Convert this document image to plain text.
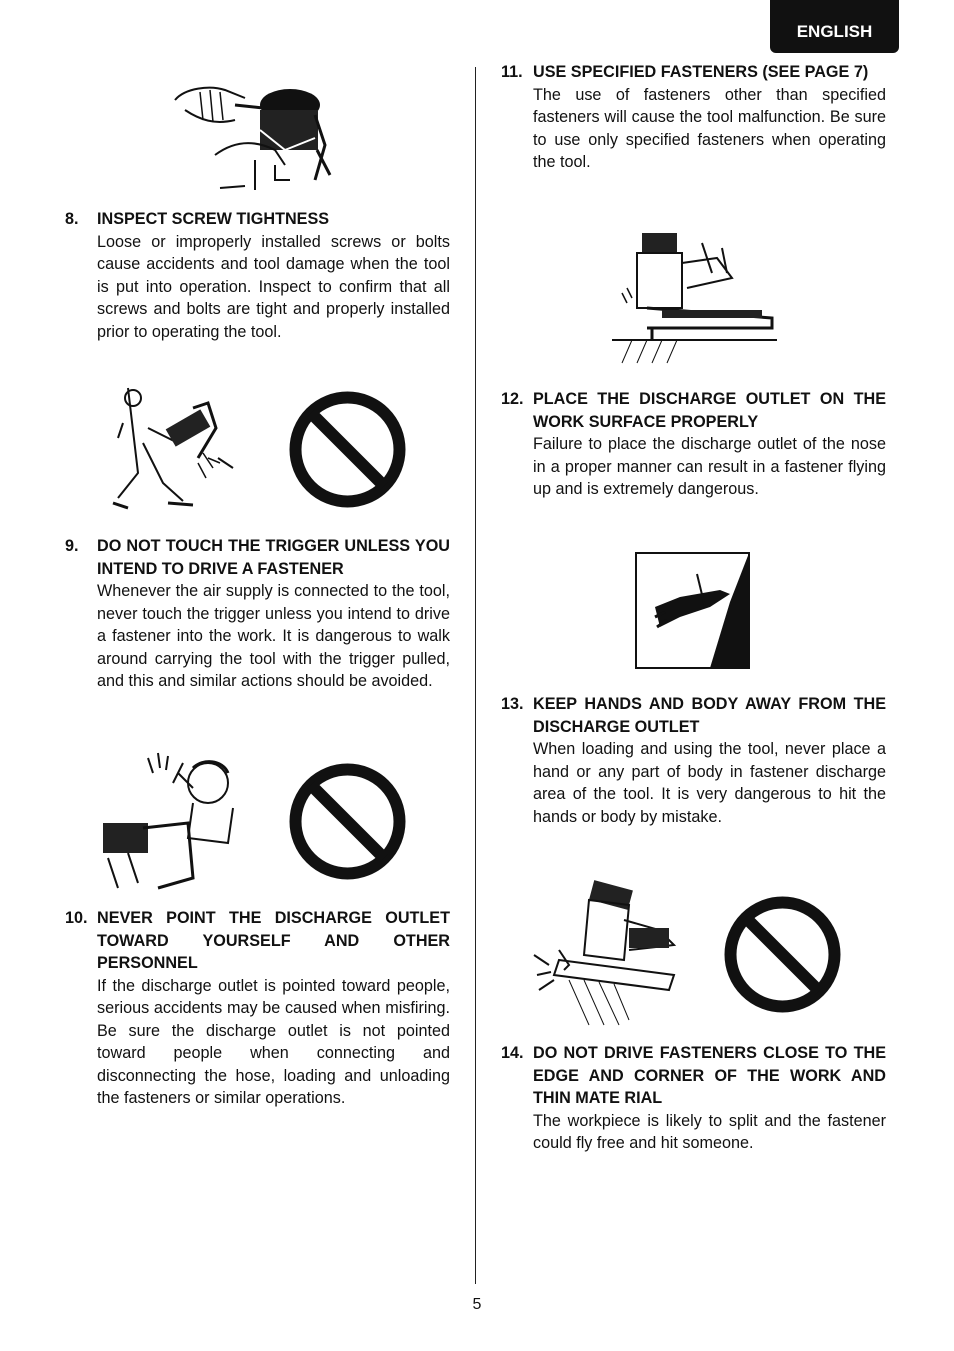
ENGLISH
8.	INSPECT SCREW TIGHTNESS
Loose or improperly installed screws or bolts cause accidents and tool damage when the tool is put into operation. Inspect to confirm that all screws and bolts are tight and properly installed prior to operating the tool.
9.	DO NOT TOUCH THE TRIGGER UNLESS YOU INTEND TO DRIVE A FASTENER
Whenever the air supply is connected to the tool, never touch the trigger unless you intend to drive a fastener into the work. It is dangerous to walk around carrying the tool with the trigger pulled, and this and similar actions should be avoided.
10. NEVER POINT THE DISCHARGE OUTLET TOWARD YOURSELF AND OTHER PERSONNEL
If the discharge outlet is pointed toward people, serious accidents may be caused when misfiring. Be sure the discharge outlet is not pointed toward people when connecting and disconnecting the hose, loading and unloading the fasteners or similar operations.
11. USE SPECIFIED FASTENERS (SEE PAGE 7)
The use of fasteners other than specified fasteners will cause the tool malfunction. Be sure to use only specified fasteners when operating the tool.
12. PLACE THE DISCHARGE OUTLET ON THE WORK SURFACE PROPERLY
Failure to place the discharge outlet of the nose in a proper manner can result in a fastener flying up and is extremely dangerous.
13. KEEP HANDS AND BODY AWAY FROM THE DISCHARGE OUTLET
When loading and using the tool, never place a hand or any part of body in fastener discharge area of the tool. It is very dangerous to hit the hands or body by mistake.
14. DO NOT DRIVE FASTENERS CLOSE TO THE EDGE AND CORNER OF THE WORK AND THIN MATE RIAL
The workpiece is likely to split and the fastener could fly free and hit someone.
5
